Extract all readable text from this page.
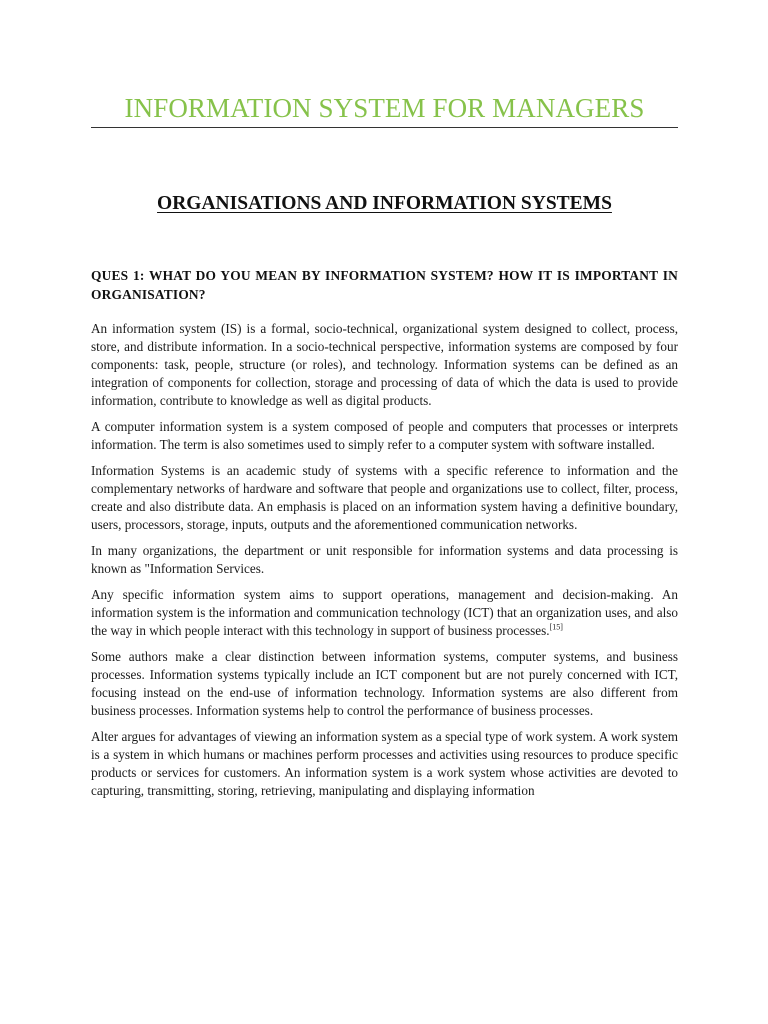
INFORMATION SYSTEM FOR MANAGERS
ORGANISATIONS AND INFORMATION SYSTEMS

QUES 1: WHAT DO YOU MEAN BY INFORMATION SYSTEM? HOW IT IS IMPORTANT IN ORGANISATION?

An information system (IS) is a formal, socio-technical, organizational system designed to collect, process, store, and distribute information. In a socio-technical perspective, information systems are composed by four components: task, people, structure (or roles), and technology. Information systems can be defined as an integration of components for collection, storage and processing of data of which the data is used to provide information, contribute to knowledge as well as digital products.

A computer information system is a system composed of people and computers that processes or interprets information. The term is also sometimes used to simply refer to a computer system with software installed.

Information Systems is an academic study of systems with a specific reference to information and the complementary networks of hardware and software that people and organizations use to collect, filter, process, create and also distribute data. An emphasis is placed on an information system having a definitive boundary, users, processors, storage, inputs, outputs and the aforementioned communication networks.

In many organizations, the department or unit responsible for information systems and data processing is known as "Information Services.

Any specific information system aims to support operations, management and decision-making. An information system is the information and communication technology (ICT) that an organization uses, and also the way in which people interact with this technology in support of business processes.[15]

Some authors make a clear distinction between information systems, computer systems, and business processes. Information systems typically include an ICT component but are not purely concerned with ICT, focusing instead on the end-use of information technology. Information systems are also different from business processes. Information systems help to control the performance of business processes.

Alter argues for advantages of viewing an information system as a special type of work system. A work system is a system in which humans or machines perform processes and activities using resources to produce specific products or services for customers. An information system is a work system whose activities are devoted to capturing, transmitting, storing, retrieving, manipulating and displaying information
